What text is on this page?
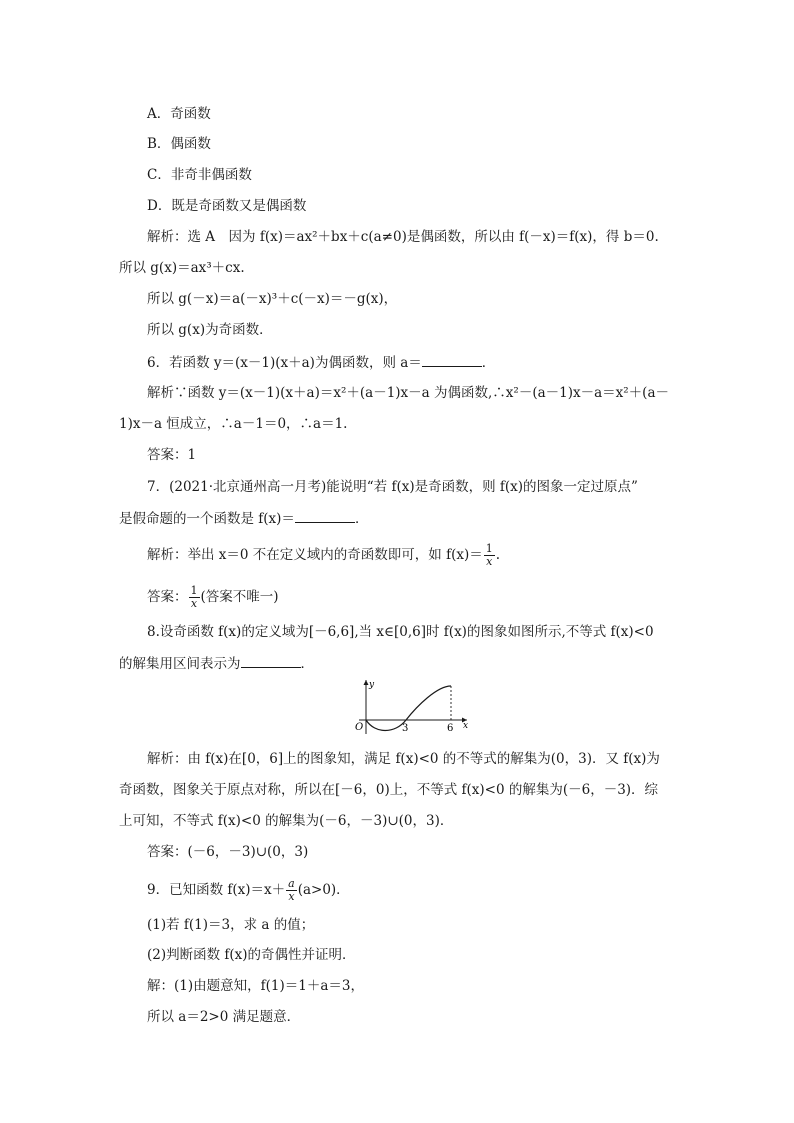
A．奇函数
B．偶函数
C．非奇非偶函数
D．既是奇函数又是偶函数
解析：选 A　因为 f(x)＝ax²＋bx＋c(a≠0)是偶函数，所以由 f(－x)＝f(x)，得 b＝0.
所以 g(x)＝ax³＋cx.
所以 g(－x)＝a(－x)³＋c(－x)＝－g(x)，
所以 g(x)为奇函数．
6．若函数 y＝(x－1)(x＋a)为偶函数，则 a＝	．
解析∵函数 y＝(x－1)(x＋a)＝x²＋(a－1)x－a 为偶函数,∴x²－(a－1)x－a＝x²＋(a－
1)x－a 恒成立，∴a－1＝0，∴a＝1.
答案：1
7．(2021·北京通州高一月考)能说明“若 f(x)是奇函数，则 f(x)的图象一定过原点”
是假命题的一个函数是 f(x)＝	．
解析：举出 x＝0 不在定义域内的奇函数即可，如 $f(x)= \frac{1}{x}$ .
答案： $\frac{1}{x}$ (答案不唯一)
8.设奇函数 f(x)的定义域为[－6,6],当 x∈[0,6]时 f(x)的图象如图所示,不等式 f(x)<0
的解集用区间表示为	．
y
x
O	3	6
解析：由 f(x)在[0，6]上的图象知，满足 f(x)<0 的不等式的解集为(0，3)．又 f(x)为
奇函数，图象关于原点对称，所以在[－6，0)上，不等式 f(x)<0 的解集为(－6，－3)．综
上可知，不等式 f(x)<0 的解集为(－6，－3)∪(0，3)．
答案：(－6，－3)∪(0，3)
9．已知函数 $f(x)=x+ \frac{a}{x} (a>0)$．
(1)若 f(1)＝3，求 a 的值；
(2)判断函数 f(x)的奇偶性并证明．
解：(1)由题意知，f(1)＝1＋a＝3，
所以 a＝2>0 满足题意．
